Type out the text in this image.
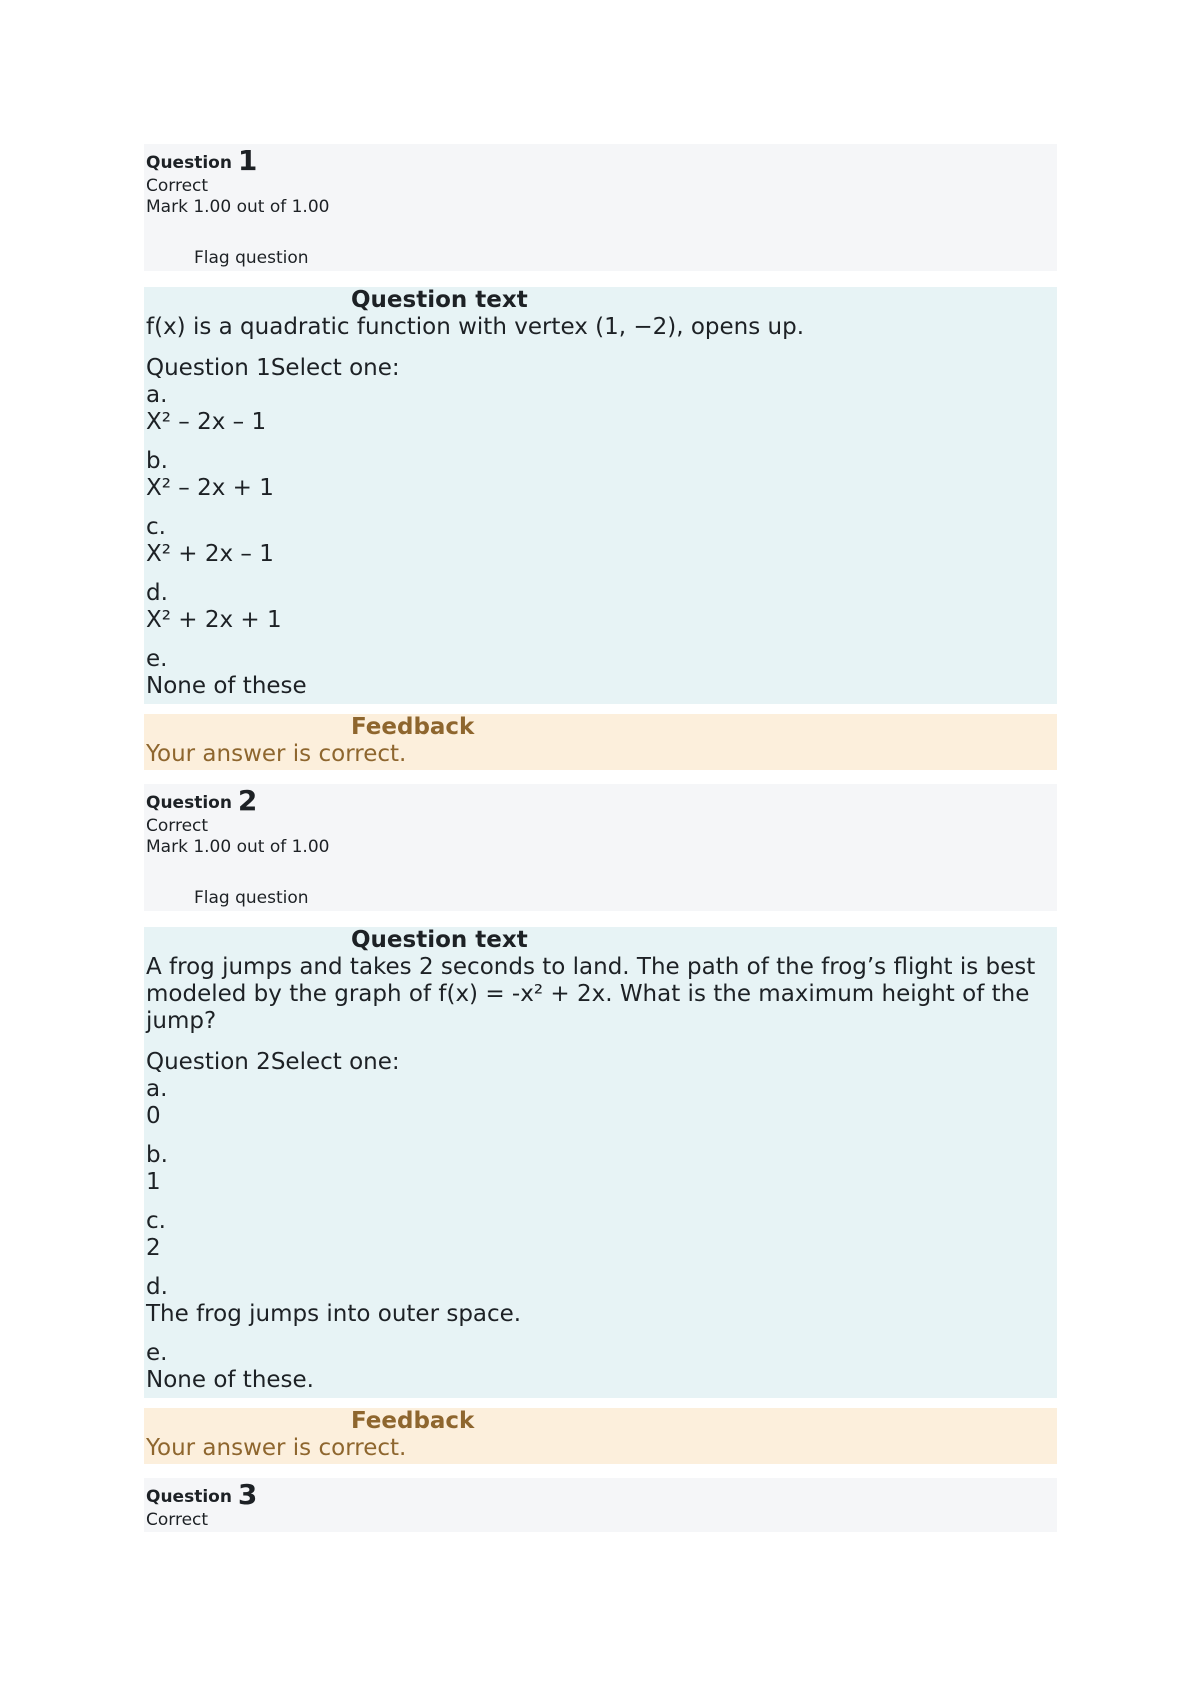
Question 1
Correct
Mark 1.00 out of 1.00
Flag question
Question text
f(x) is a quadratic function with vertex (1, −2), opens up.
Question 1Select one:
a.
X² – 2x – 1
b.
X² – 2x + 1
c.
X² + 2x – 1
d.
X² + 2x + 1
e.
None of these
Feedback
Your answer is correct.
Question 2
Correct
Mark 1.00 out of 1.00
Flag question
Question text
A frog jumps and takes 2 seconds to land. The path of the frog’s flight is best modeled by the graph of f(x) = -x² + 2x. What is the maximum height of the jump?
Question 2Select one:
a.
0
b.
1
c.
2
d.
The frog jumps into outer space.
e.
None of these.
Feedback
Your answer is correct.
Question 3
Correct
